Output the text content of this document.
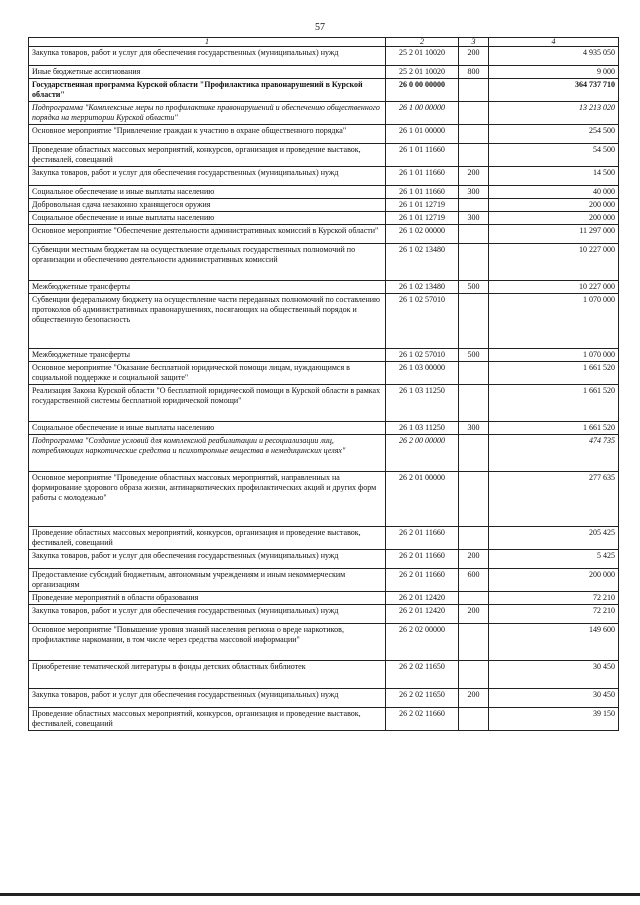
57
1	2	3	4
Закупка товаров, работ и услуг для обеспечения государственных (муниципальных) нужд	25 2 01 10020	200	4 935 050
Иные бюджетные ассигнования	25 2 01 10020	800	9 000
Государственная программа Курской области "Профилактика правонарушений в Курской области"	26 0 00 00000		364 737 710
Подпрограмма "Комплексные меры по профилактике правонарушений и обеспечению общественного порядка на территории Курской области"	26 1 00 00000		13 213 020
Основное мероприятие "Привлечение граждан к участию в охране общественного порядка"	26 1 01 00000		254 500
Проведение областных массовых мероприятий, конкурсов, организация и проведение выставок, фестивалей, совещаний	26 1 01 11660		54 500
Закупка товаров, работ и услуг для обеспечения государственных (муниципальных) нужд	26 1 01 11660	200	14 500
Социальное обеспечение и иные выплаты населению	26 1 01 11660	300	40 000
Добровольная сдача незаконно хранящегося оружия	26 1 01 12719		200 000
Социальное обеспечение и иные выплаты населению	26 1 01 12719	300	200 000
Основное мероприятие "Обеспечение деятельности административных комиссий в Курской области"	26 1 02 00000		11 297 000
Субвенции местным бюджетам на осуществление отдельных государственных полномочий по организации и обеспечению деятельности административных комиссий	26 1 02 13480		10 227 000
Межбюджетные трансферты	26 1 02 13480	500	10 227 000
Субвенции федеральному бюджету на осуществление части переданных полномочий по составлению протоколов об административных правонарушениях, посягающих на общественный порядок и общественную безопасность	26 1 02 57010		1 070 000
Межбюджетные трансферты	26 1 02 57010	500	1 070 000
Основное мероприятие "Оказание бесплатной юридической помощи лицам, нуждающимся в социальной поддержке и социальной защите"	26 1 03 00000		1 661 520
Реализация Закона Курской области "О бесплатной юридической помощи в Курской области в рамках государственной системы бесплатной юридической помощи"	26 1 03 11250		1 661 520
Социальное обеспечение и иные выплаты населению	26 1 03 11250	300	1 661 520
Подпрограмма "Создание условий для комплексной реабилитации и ресоциализации лиц, потребляющих наркотические средства и психотропные вещества в немедицинских целях"	26 2 00 00000		474 735
Основное мероприятие "Проведение областных массовых мероприятий, направленных на формирование здорового образа жизни, антинаркотических профилактических акций и других форм работы с молодежью"	26 2 01 00000		277 635
Проведение областных массовых мероприятий, конкурсов, организация и проведение выставок, фестивалей, совещаний	26 2 01 11660		205 425
Закупка товаров, работ и услуг для обеспечения государственных (муниципальных) нужд	26 2 01 11660	200	5 425
Предоставление субсидий бюджетным, автономным учреждениям и иным некоммерческим организациям	26 2 01 11660	600	200 000
Проведение мероприятий в области образования	26 2 01 12420		72 210
Закупка товаров, работ и услуг для обеспечения государственных (муниципальных) нужд	26 2 01 12420	200	72 210
Основное мероприятие "Повышение уровня знаний населения региона о вреде наркотиков, профилактике наркомании, в том числе через средства массовой информации"	26 2 02 00000		149 600
Приобретение тематической литературы в фонды детских областных библиотек	26 2 02 11650		30 450
Закупка товаров, работ и услуг для обеспечения государственных (муниципальных) нужд	26 2 02 11650	200	30 450
Проведение областных массовых мероприятий, конкурсов, организация и проведение выставок, фестивалей, совещаний	26 2 02 11660		39 150
